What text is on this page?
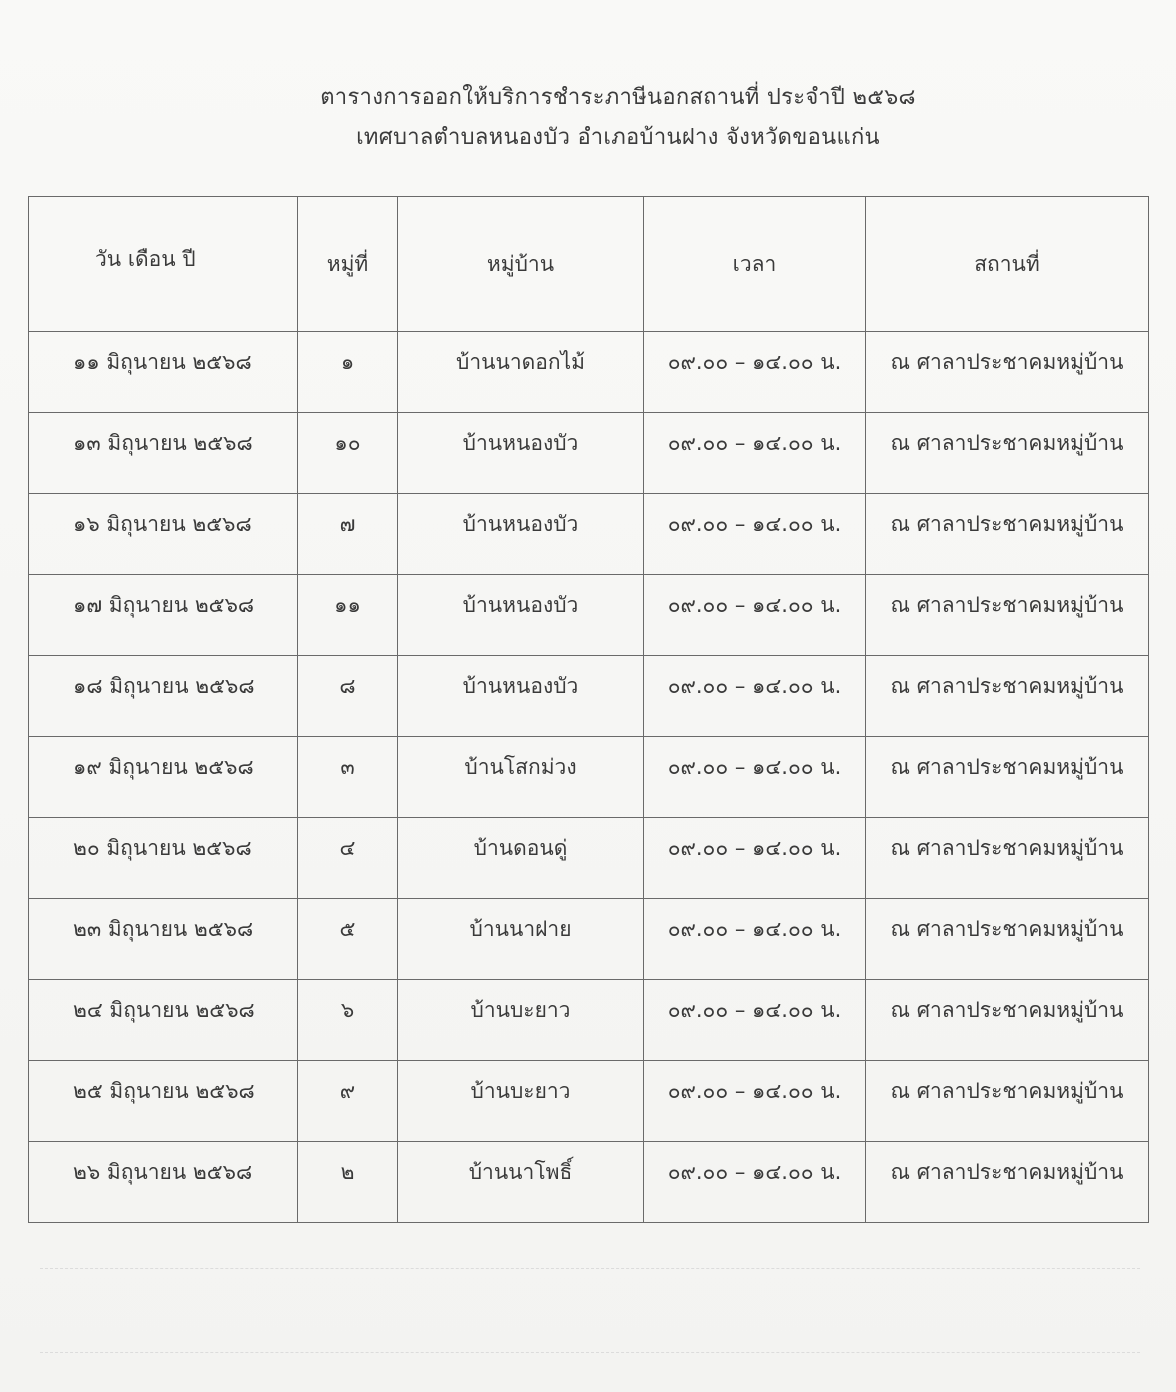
ตารางการออกให้บริการชำระภาษีนอกสถานที่ ประจำปี ๒๕๖๘
เทศบาลตำบลหนองบัว อำเภอบ้านฝาง จังหวัดขอนแก่น
วัน เดือน ปี	หมู่ที่	หมู่บ้าน	เวลา	สถานที่
๑๑ มิถุนายน ๒๕๖๘	๑	บ้านนาดอกไม้	๐๙.๐๐ – ๑๔.๐๐ น.	ณ ศาลาประชาคมหมู่บ้าน
๑๓ มิถุนายน ๒๕๖๘	๑๐	บ้านหนองบัว	๐๙.๐๐ – ๑๔.๐๐ น.	ณ ศาลาประชาคมหมู่บ้าน
๑๖ มิถุนายน ๒๕๖๘	๗	บ้านหนองบัว	๐๙.๐๐ – ๑๔.๐๐ น.	ณ ศาลาประชาคมหมู่บ้าน
๑๗ มิถุนายน ๒๕๖๘	๑๑	บ้านหนองบัว	๐๙.๐๐ – ๑๔.๐๐ น.	ณ ศาลาประชาคมหมู่บ้าน
๑๘ มิถุนายน ๒๕๖๘	๘	บ้านหนองบัว	๐๙.๐๐ – ๑๔.๐๐ น.	ณ ศาลาประชาคมหมู่บ้าน
๑๙ มิถุนายน ๒๕๖๘	๓	บ้านโสกม่วง	๐๙.๐๐ – ๑๔.๐๐ น.	ณ ศาลาประชาคมหมู่บ้าน
๒๐ มิถุนายน ๒๕๖๘	๔	บ้านดอนดู่	๐๙.๐๐ – ๑๔.๐๐ น.	ณ ศาลาประชาคมหมู่บ้าน
๒๓ มิถุนายน ๒๕๖๘	๕	บ้านนาฝาย	๐๙.๐๐ – ๑๔.๐๐ น.	ณ ศาลาประชาคมหมู่บ้าน
๒๔ มิถุนายน ๒๕๖๘	๖	บ้านบะยาว	๐๙.๐๐ – ๑๔.๐๐ น.	ณ ศาลาประชาคมหมู่บ้าน
๒๕ มิถุนายน ๒๕๖๘	๙	บ้านบะยาว	๐๙.๐๐ – ๑๔.๐๐ น.	ณ ศาลาประชาคมหมู่บ้าน
๒๖ มิถุนายน ๒๕๖๘	๒	บ้านนาโพธิ์	๐๙.๐๐ – ๑๔.๐๐ น.	ณ ศาลาประชาคมหมู่บ้าน
